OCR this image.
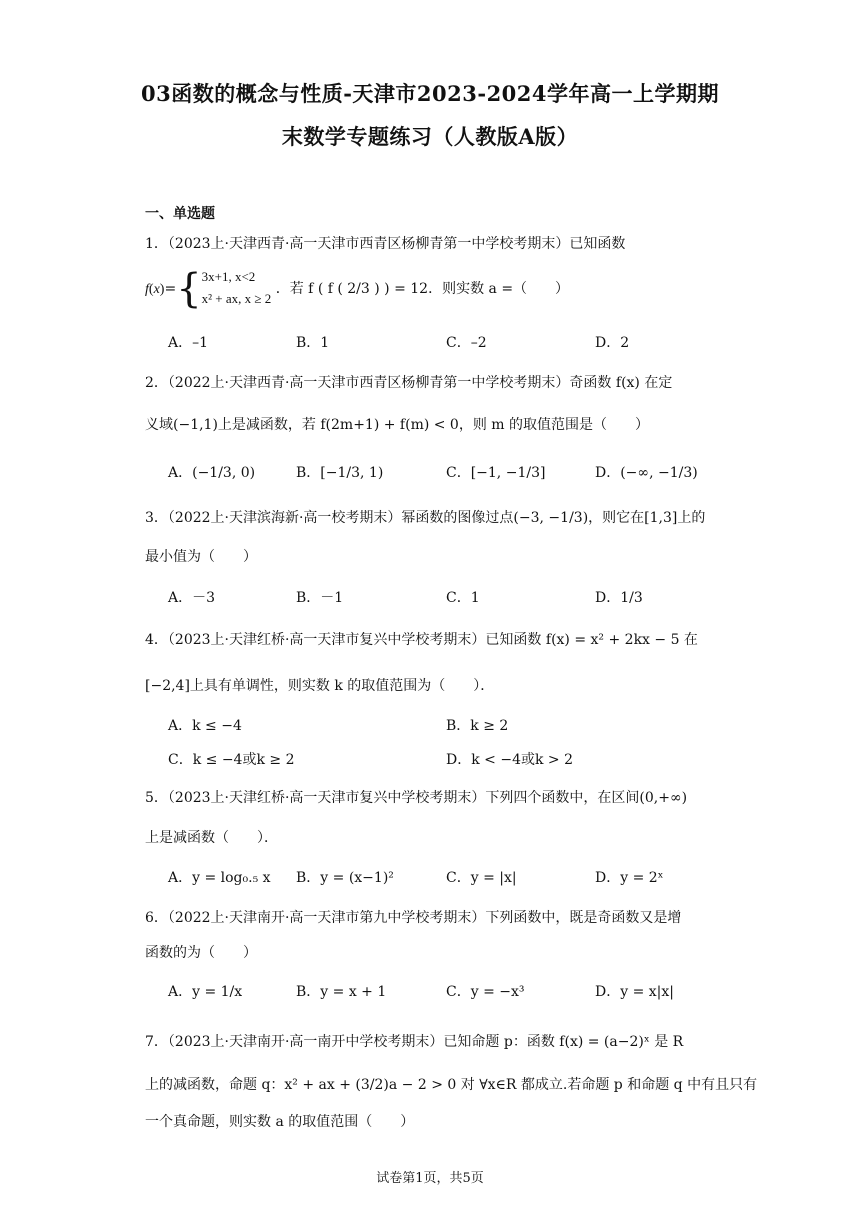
03函数的概念与性质-天津市2023-2024学年高一上学期期
末数学专题练习（人教版A版）
一、单选题
1．（2023上·天津西青·高一天津市西青区杨柳青第一中学校考期末）已知函数
f(x)={3x+1, x<2
x² + ax, x ≥ 2 ．若 f ( f ( 2/3 ) ) = 12．则实数 a =（　　）
A．–1	B．1	C．–2	D．2
2．（2022上·天津西青·高一天津市西青区杨柳青第一中学校考期末）奇函数 f(x) 在定
义域(−1,1)上是减函数，若 f(2m+1) + f(m) < 0，则 m 的取值范围是（　　）
A．(−1/3, 0)	B．[−1/3, 1)	C．[−1, −1/3]	D．(−∞, −1/3)
3．（2022上·天津滨海新·高一校考期末）幂函数的图像过点(−3, −1/3)，则它在[1,3]上的
最小值为（　　）
A．－3	B．－1	C．1	D．1/3
4．（2023上·天津红桥·高一天津市复兴中学校考期末）已知函数 f(x) = x² + 2kx − 5 在
[−2,4]上具有单调性，则实数 k 的取值范围为（　　）．
A．k ≤ −4	B．k ≥ 2
C．k ≤ −4或k ≥ 2	D．k < −4或k > 2
5．（2023上·天津红桥·高一天津市复兴中学校考期末）下列四个函数中，在区间(0,+∞)
上是减函数（　　）．
A．y = log₀.₅ x B．y = (x−1)²	C．y = |x|	D．y = 2ˣ
6．（2022上·天津南开·高一天津市第九中学校考期末）下列函数中，既是奇函数又是增
函数的为（　　）
A．y = 1/x	B．y = x + 1	C．y = −x³	D．y = x|x|
7．（2023上·天津南开·高一南开中学校考期末）已知命题 p：函数 f(x) = (a−2)ˣ 是 R
上的减函数，命题 q：x² + ax + (3/2)a − 2 > 0 对 ∀x∈R 都成立.若命题 p 和命题 q 中有且只有
一个真命题，则实数 a 的取值范围（　　）
试卷第1页，共5页
